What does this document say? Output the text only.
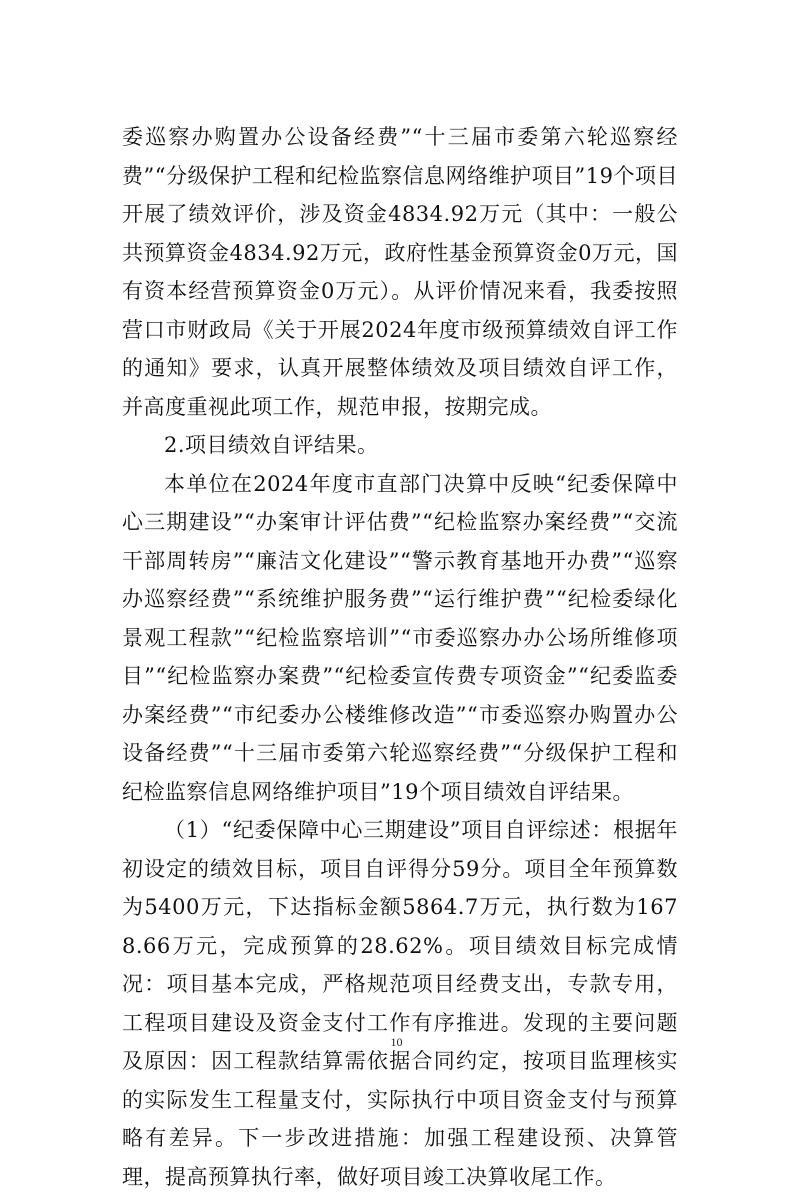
委巡察办购置办公设备经费”“十三届市委第六轮巡察经费”“分级保护工程和纪检监察信息网络维护项目”19个项目开展了绩效评价，涉及资金4834.92万元（其中：一般公共预算资金4834.92万元，政府性基金预算资金0万元，国有资本经营预算资金0万元）。从评价情况来看，我委按照营口市财政局《关于开展2024年度市级预算绩效自评工作的通知》要求，认真开展整体绩效及项目绩效自评工作，并高度重视此项工作，规范申报，按期完成。

2.项目绩效自评结果。

本单位在2024年度市直部门决算中反映“纪委保障中心三期建设”“办案审计评估费”“纪检监察办案经费”“交流干部周转房”“廉洁文化建设”“警示教育基地开办费”“巡察办巡察经费”“系统维护服务费”“运行维护费”“纪检委绿化景观工程款”“纪检监察培训”“市委巡察办办公场所维修项目”“纪检监察办案费”“纪检委宣传费专项资金”“纪委监委办案经费”“市纪委办公楼维修改造”“市委巡察办购置办公设备经费”“十三届市委第六轮巡察经费”“分级保护工程和纪检监察信息网络维护项目”19个项目绩效自评结果。

（1）“纪委保障中心三期建设”项目自评综述：根据年初设定的绩效目标，项目自评得分59分。项目全年预算数为5400万元，下达指标金额5864.7万元，执行数为1678.66万元，完成预算的28.62%。项目绩效目标完成情况：项目基本完成，严格规范项目经费支出，专款专用，工程项目建设及资金支付工作有序推进。发现的主要问题及原因：因工程款结算需依据合同约定，按项目监理核实的实际发生工程量支付，实际执行中项目资金支付与预算略有差异。下一步改进措施：加强工程建设预、决算管理，提高预算执行率，做好项目竣工决算收尾工作。

10
